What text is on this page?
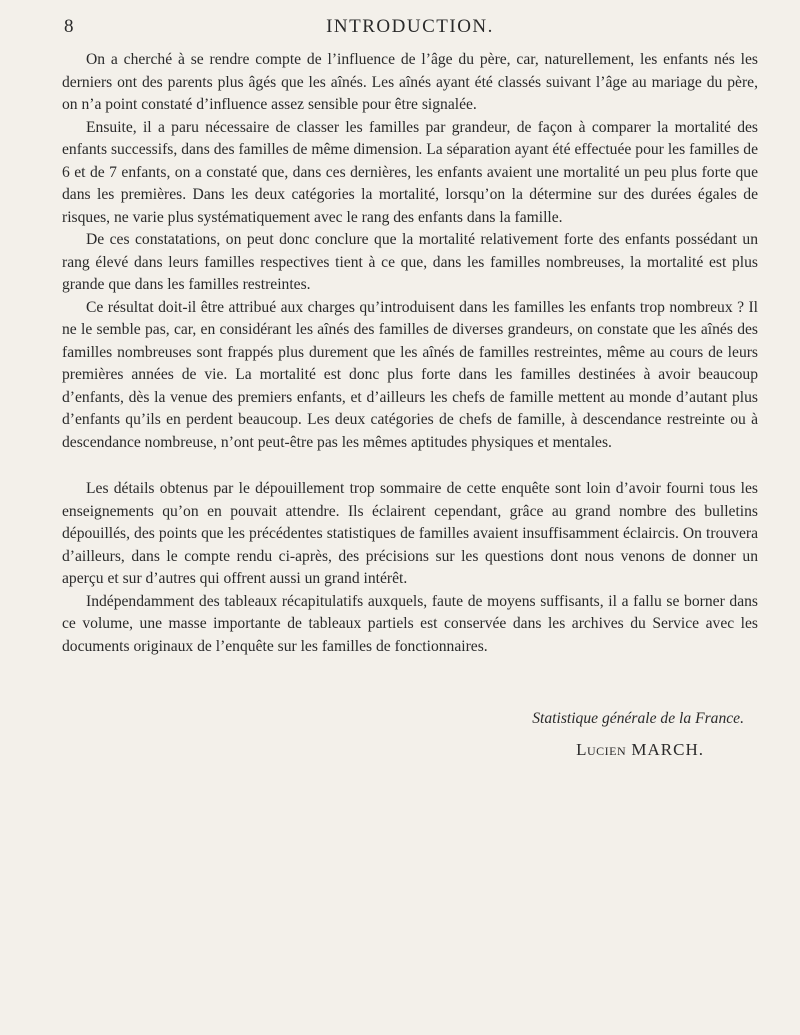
8	INTRODUCTION.

On a cherché à se rendre compte de l’influence de l’âge du père, car, naturellement, les enfants nés les derniers ont des parents plus âgés que les aînés. Les aînés ayant été classés suivant l’âge au mariage du père, on n’a point constaté d’influence assez sensible pour être signalée.

Ensuite, il a paru nécessaire de classer les familles par grandeur, de façon à comparer la mortalité des enfants successifs, dans des familles de même dimension. La séparation ayant été effectuée pour les familles de 6 et de 7 enfants, on a constaté que, dans ces dernières, les enfants avaient une mortalité un peu plus forte que dans les premières. Dans les deux catégories la mortalité, lorsqu’on la détermine sur des durées égales de risques, ne varie plus systématiquement avec le rang des enfants dans la famille.

De ces constatations, on peut donc conclure que la mortalité relativement forte des enfants possédant un rang élevé dans leurs familles respectives tient à ce que, dans les familles nombreuses, la mortalité est plus grande que dans les familles restreintes.

Ce résultat doit-il être attribué aux charges qu’introduisent dans les familles les enfants trop nombreux ? Il ne le semble pas, car, en considérant les aînés des familles de diverses grandeurs, on constate que les aînés des familles nombreuses sont frappés plus durement que les aînés de familles restreintes, même au cours de leurs premières années de vie. La mortalité est donc plus forte dans les familles destinées à avoir beaucoup d’enfants, dès la venue des premiers enfants, et d’ailleurs les chefs de famille mettent au monde d’autant plus d’enfants qu’ils en perdent beaucoup. Les deux catégories de chefs de famille, à descendance restreinte ou à descendance nombreuse, n’ont peut-être pas les mêmes aptitudes physiques et mentales.

Les détails obtenus par le dépouillement trop sommaire de cette enquête sont loin d’avoir fourni tous les enseignements qu’on en pouvait attendre. Ils éclairent cependant, grâce au grand nombre des bulletins dépouillés, des points que les précédentes statistiques de familles avaient insuffisamment éclaircis. On trouvera d’ailleurs, dans le compte rendu ci-après, des précisions sur les questions dont nous venons de donner un aperçu et sur d’autres qui offrent aussi un grand intérêt.

Indépendamment des tableaux récapitulatifs auxquels, faute de moyens suffisants, il a fallu se borner dans ce volume, une masse importante de tableaux partiels est conservée dans les archives du Service avec les documents originaux de l’enquête sur les familles de fonctionnaires.

Statistique générale de la France.
Lucien MARCH.
